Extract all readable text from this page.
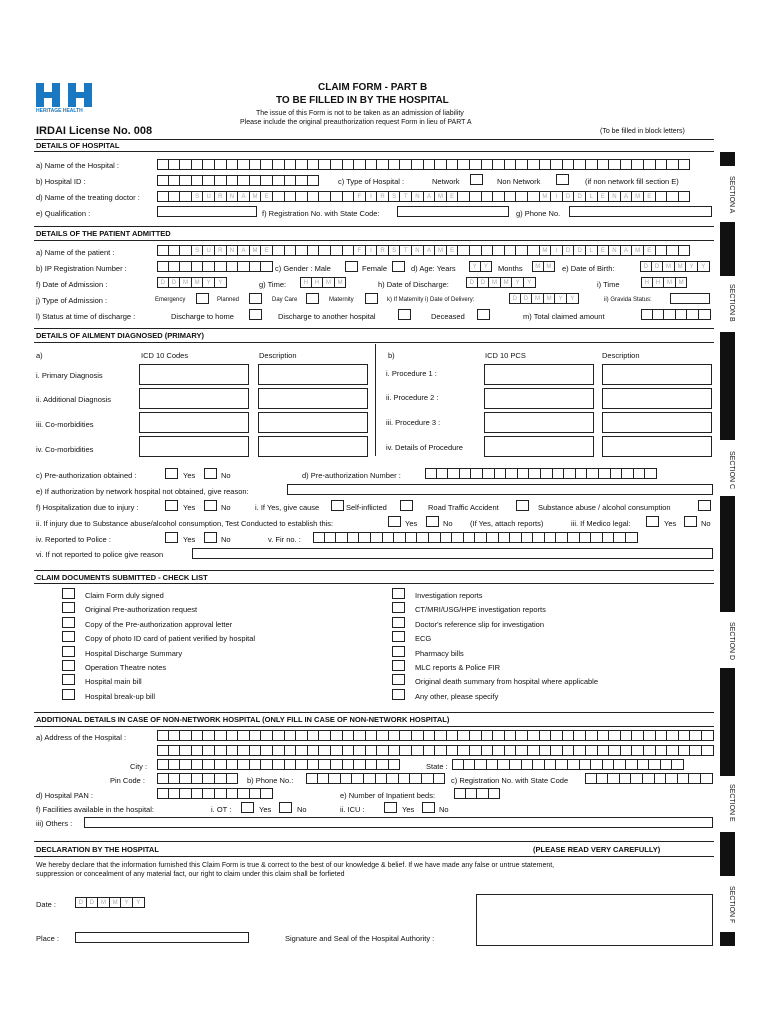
HERITAGE HEALTH
CLAIM FORM - PART B
TO BE FILLED IN BY THE HOSPITAL
The issue of this Form is not to be taken as an admission of liability
Please include the original preauthorization request Form in lieu of PART A
IRDAI License No. 008	(To be filled in block letters)
SECTION A
SECTION B
SECTION C
SECTION D
SECTION E
SECTION F
DETAILS OF HOSPITAL
a) Name of the Hospital :
b) Hospital ID :	c) Type of Hospital :	Network	Non Network	(if non network fill section E)
d) Name of the treating doctor :	S	U	R	N	A	M	E	F	I	R	S	T	N	A	M	E	M	I	D	D	L	E	N	A	M	E
e) Qualification :	f) Registration No. with State Code:	g) Phone No.
DETAILS OF THE PATIENT ADMITTED
a) Name of the patient :	S	U	R	N	A	M	E	F	I	R	S	T	N	A	M	E	M	I	D	D	L	E	N	A	M	E
b) IP Registration Number :	c) Gender : Male	Female	d) Age: Years	Y	Y	Months	M	M	e) Date of Birth:	D	D	M	M	Y	Y
f) Date of Admission :	D	D	M	M	Y	Y	g) Time:	H	H	M	M	h) Date of Discharge:	D	D	M	M	Y	Y	i) Time	H	H	M	M
j) Type of Admission :	Emergency	Planned	Day Care	Maternity	k) If Maternity i) Date of Delivery:	D	D	M	M	Y	Y	ii) Gravida Status:
l) Status at time of discharge :	Discharge to home	Discharge to another hospital	Deceased	m) Total claimed amount
DETAILS OF AILMENT DIAGNOSED (PRIMARY)
a)	ICD 10 Codes	Description	b)	ICD 10 PCS	Description
i. Primary Diagnosis
ii. Additional Diagnosis
iii. Co-morbidities
iv. Co-morbidities
i. Procedure 1 :
ii. Procedure 2 :
iii. Procedure 3 :
iv. Details of Procedure
c) Pre-authorization obtained :	Yes	No	d) Pre-authorization Number :
e) If authorization by network hospital not obtained, give reason:
f) Hospitalization due to injury :	Yes	No	i. If Yes, give cause	Self-inflicted	Road Traffic Accident	Substance abuse / alcohol consumption
ii. If injury due to Substance abuse/alcohol consumption, Test Conducted to establish this:	Yes	No (If Yes, attach reports)	iii. If Medico legal:	Yes	No
iv. Reported to Police :	Yes	No	v. Fir no. :
vi. If not reported to police give reason
CLAIM DOCUMENTS SUBMITTED - CHECK LIST
Claim Form duly signed
Original Pre-authorization request
Copy of the Pre-authorization approval letter
Copy of photo ID card of patient verified by hospital
Hospital Discharge Summary
Operation Theatre notes
Hospital main bill
Hospital break-up bill
Investigation reports
CT/MRI/USG/HPE investigation reports
Doctor's reference slip for investigation
ECG
Pharmacy bills
MLC reports & Police FIR
Original death summary from hospital where applicable
Any other, please specify
ADDITIONAL DETAILS IN CASE OF NON-NETWORK HOSPITAL (ONLY FILL IN CASE OF NON-NETWORK HOSPITAL)
a) Address of the Hospital :
City :	State :
Pin Code :	b) Phone No.:	c) Registration No. with State Code
d) Hospital PAN :	e) Number of Inpatient beds:
f) Facilities available in the hospital:	i. OT :	Yes	No	ii. ICU :	Yes	No
iii) Others :
DECLARATION BY THE HOSPITAL	(PLEASE READ VERY CAREFULLY)
We hereby declare that the information furnished this Claim Form is true & correct to the best of our knowledge & belief. If we have made any false or untrue statement,
suppression or concealment of any material fact, our right to claim under this claim shall be forfieted
Date :	D	D	M	M	Y	Y
Place :	Signature and Seal of the Hospital Authority :
